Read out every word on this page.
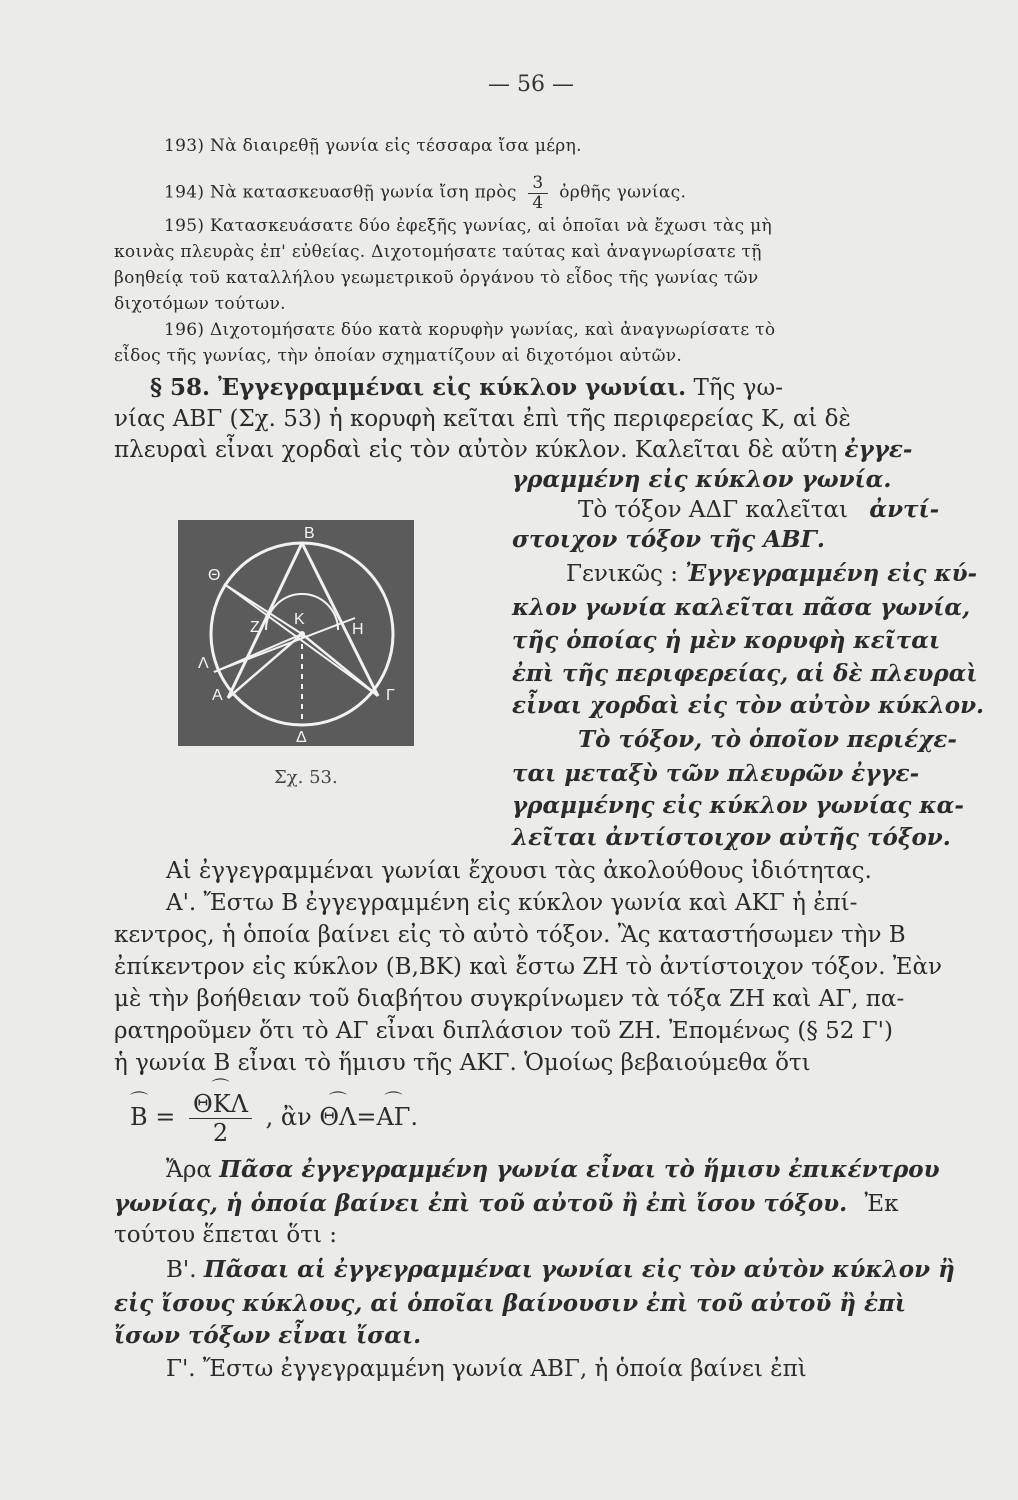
— 56 —
193) Νὰ διαιρεθῇ γωνία εἰς τέσσαρα ἴσα μέρη.
194) Νὰ κατασκευασθῇ γωνία ἴση πρὸς $\frac{3}{4}$ ὀρθῆς γωνίας.
195) Κατασκευάσατε δύο ἐφεξῆς γωνίας, αἱ ὁποῖαι νὰ ἔχωσι τὰς μὴ
κοινὰς πλευρὰς ἐπ' εὐθείας. Διχοτομήσατε ταύτας καὶ ἀναγνωρίσατε τῇ
βοηθείᾳ τοῦ καταλλήλου γεωμετρικοῦ ὀργάνου τὸ εἶδος τῆς γωνίας τῶν
διχοτόμων τούτων.
196) Διχοτομήσατε δύο κατὰ κορυφὴν γωνίας, καὶ ἀναγνωρίσατε τὸ
εἶδος τῆς γωνίας, τὴν ὁποίαν σχηματίζουν αἱ διχοτόμοι αὐτῶν.
§ 58. Ἐγγεγραμμέναι εἰς κύκλον γωνίαι. Τῆς γω-
νίας ΑΒΓ (Σχ. 53) ἡ κορυφὴ κεῖται ἐπὶ τῆς περιφερείας Κ, αἱ δὲ
πλευραὶ εἶναι χορδαὶ εἰς τὸν αὐτὸν κύκλον. Καλεῖται δὲ αὕτη ἐγγε-
γραμμένη εἰς κύκλον γωνία.
Τὸ τόξον ΑΔΓ καλεῖται ἀντί-
στοιχον τόξον τῆς ΑΒΓ.
Γενικῶς : Ἐγγεγραμμένη εἰς κύ-
κλον γωνία καλεῖται πᾶσα γωνία,
τῆς ὁποίας ἡ μὲν κορυφὴ κεῖται
ἐπὶ τῆς περιφερείας, αἱ δὲ πλευραὶ
εἶναι χορδαὶ εἰς τὸν αὐτὸν κύκλον.
Τὸ τόξον, τὸ ὁποῖον περιέχε-
ται μεταξὺ τῶν πλευρῶν ἐγγε-
γραμμένης εἰς κύκλον γωνίας κα-
λεῖται ἀντίστοιχον αὐτῆς τόξον.
Β
Θ
Ζ Κ
Η
Λ
Α	Γ
Δ
Σχ. 53.
Αἱ ἐγγεγραμμέναι γωνίαι ἔχουσι τὰς ἀκολούθους ἰδιότητας.
Α'. Ἔστω Β ἐγγεγραμμένη εἰς κύκλον γωνία καὶ ΑΚΓ ἡ ἐπί-
κεντρος, ἡ ὁποία βαίνει εἰς τὸ αὐτὸ τόξον. Ἂς καταστήσωμεν τὴν Β
ἐπίκεντρον εἰς κύκλον (Β,ΒΚ) καὶ ἔστω ΖΗ τὸ ἀντίστοιχον τόξον. Ἐὰν
μὲ τὴν βοήθειαν τοῦ διαβήτου συγκρίνωμεν τὰ τόξα ΖΗ καὶ ΑΓ, πα-
ρατηροῦμεν ὅτι τὸ ΑΓ εἶναι διπλάσιον τοῦ ΖΗ. Ἐπομένως (§ 52 Γ')
ἡ γωνία Β εἶναι τὸ ἥμισυ τῆς ΑΚΓ. Ὁμοίως βεβαιούμεθα ὅτι
⌒ Β = ⌒ $\frac{\text{ΘΚΛ}}{2}$ , ἂν ⌒ ΘΛ=⌒ ΑΓ.
Ἄρα Πᾶσα ἐγγεγραμμένη γωνία εἶναι τὸ ἥμισυ ἐπικέντρου
γωνίας, ἡ ὁποία βαίνει ἐπὶ τοῦ αὐτοῦ ἢ ἐπὶ ἴσου τόξου. Ἐκ
τούτου ἕπεται ὅτι :
Β'. Πᾶσαι αἱ ἐγγεγραμμέναι γωνίαι εἰς τὸν αὐτὸν κύκλον ἢ
εἰς ἴσους κύκλους, αἱ ὁποῖαι βαίνουσιν ἐπὶ τοῦ αὐτοῦ ἢ ἐπὶ
ἴσων τόξων εἶναι ἴσαι.
Γ'. Ἔστω ἐγγεγραμμένη γωνία ΑΒΓ, ἡ ὁποία βαίνει ἐπὶ
